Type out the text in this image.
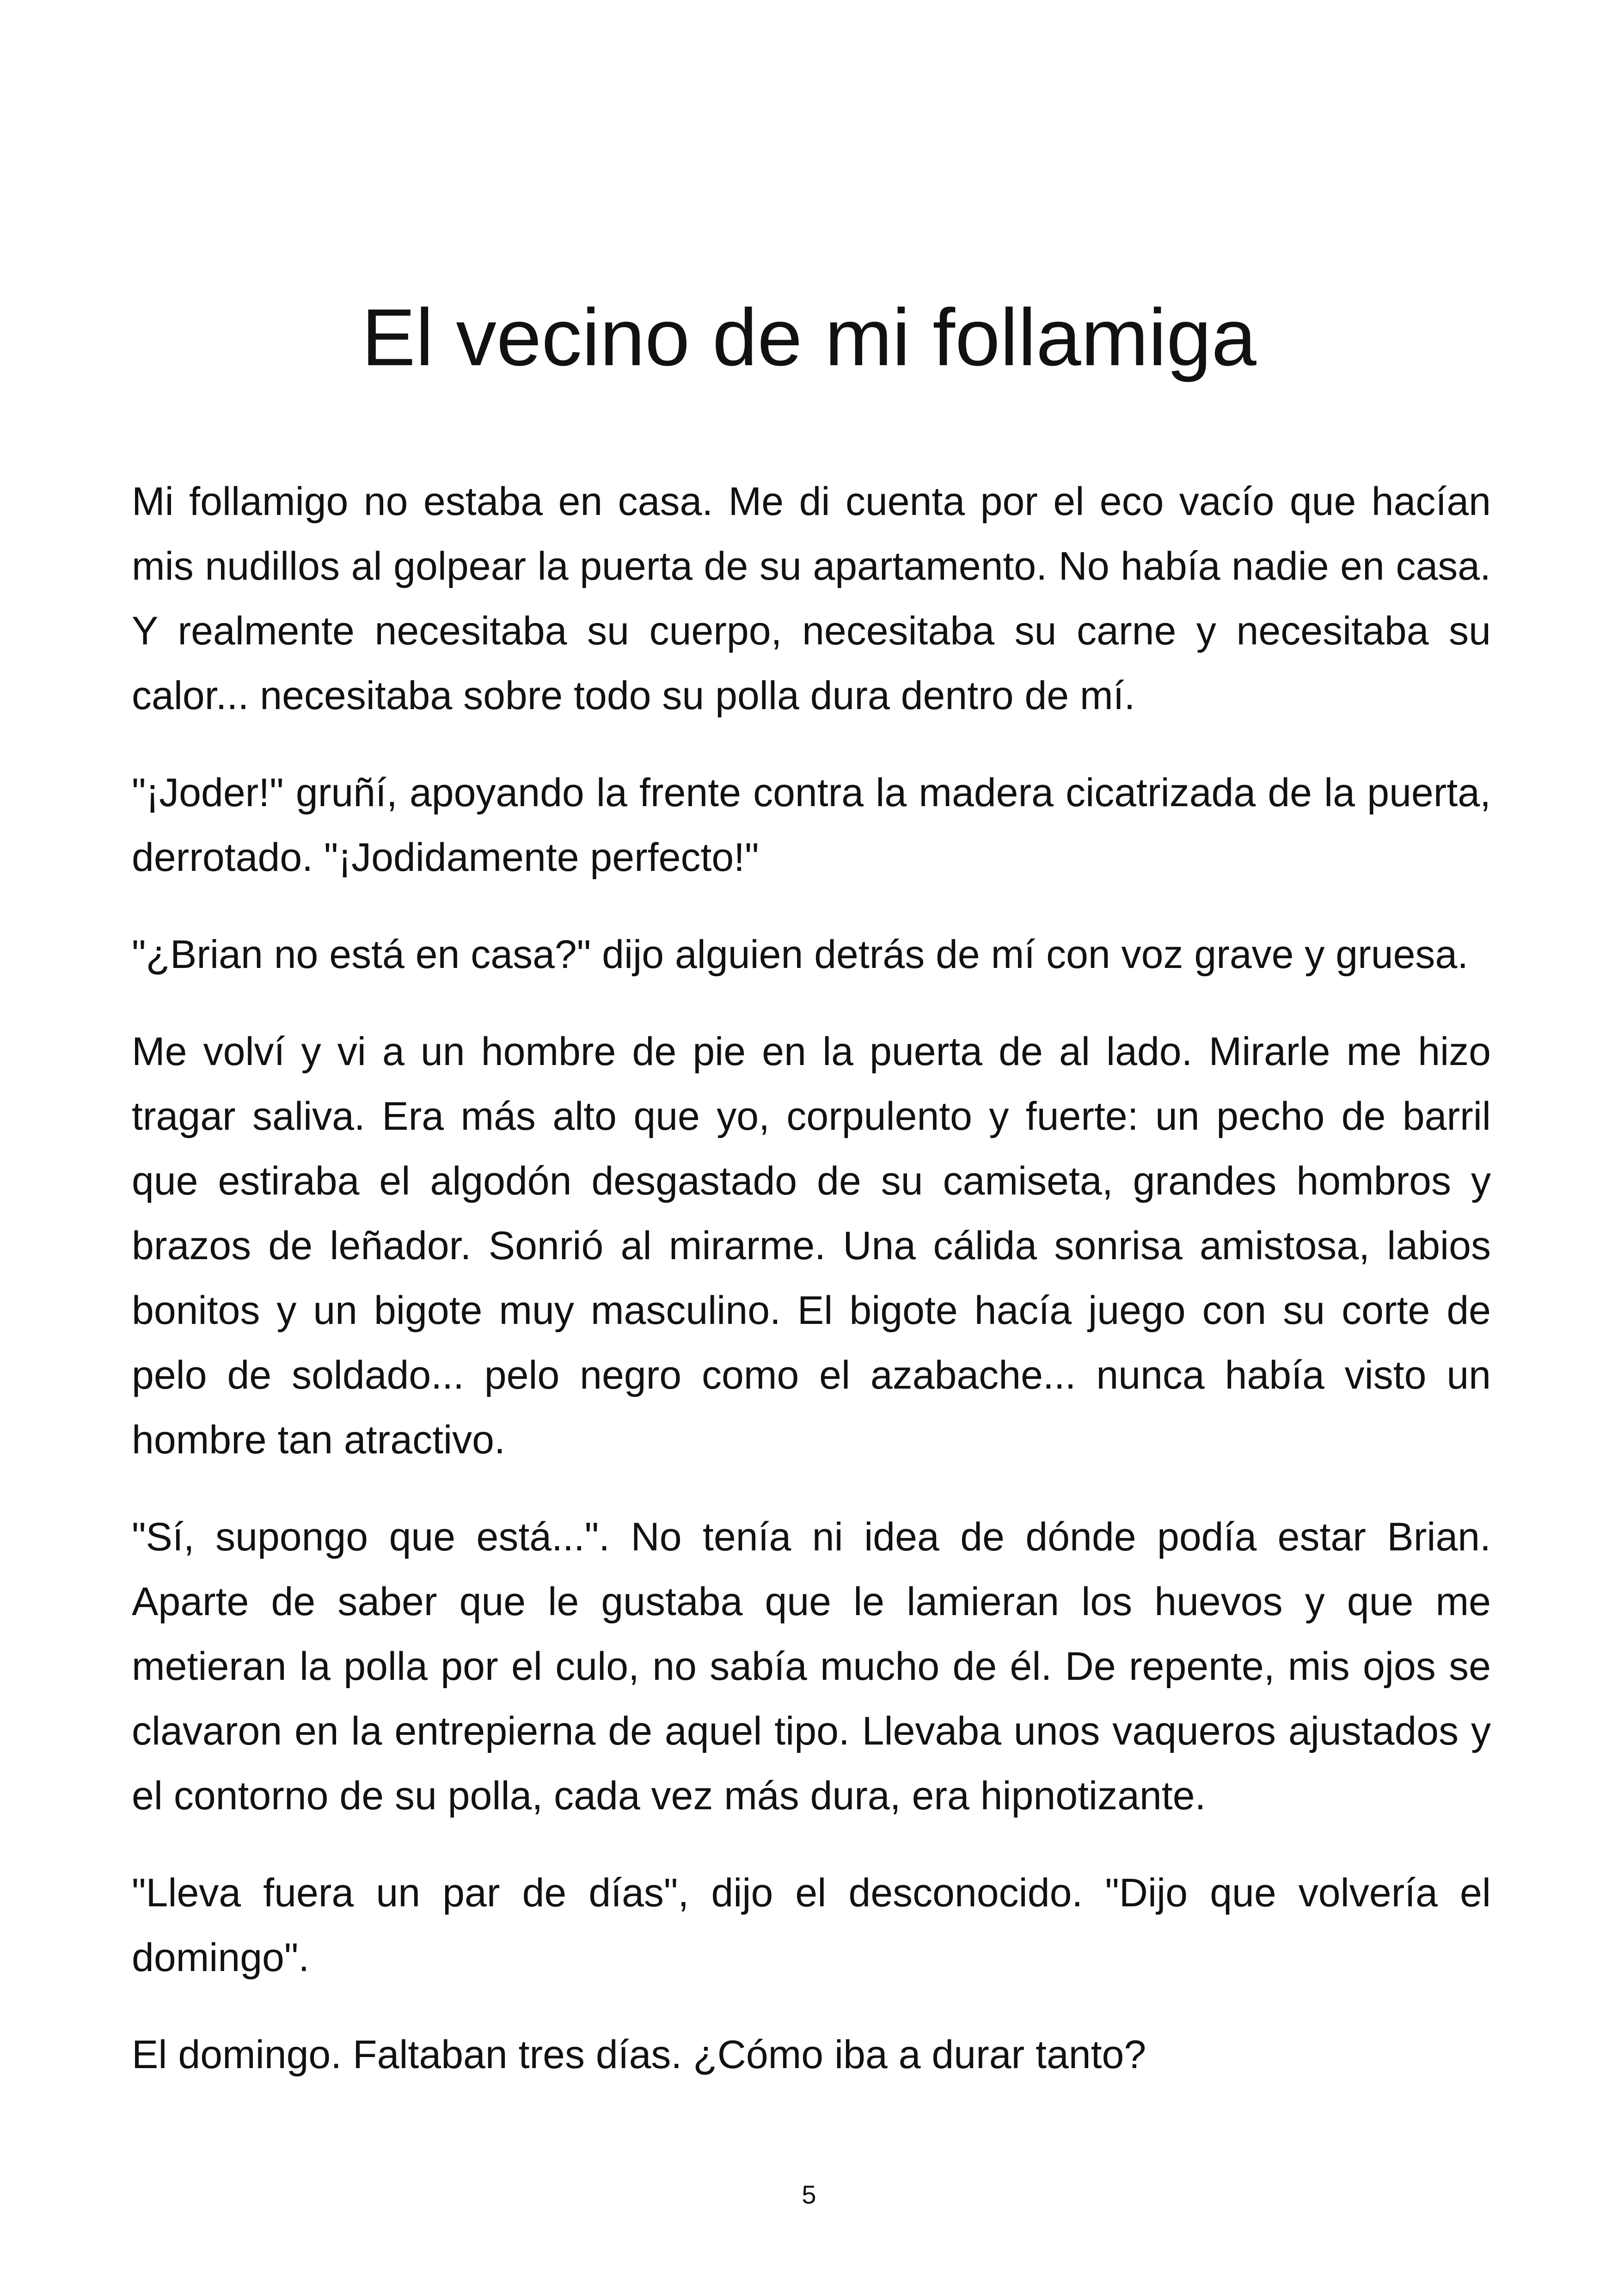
El vecino de mi follamiga

Mi follamigo no estaba en casa. Me di cuenta por el eco vacío que hacían mis nudillos al golpear la puerta de su apartamento. No había nadie en casa. Y realmente necesitaba su cuerpo, necesitaba su carne y necesitaba su calor... necesitaba sobre todo su polla dura dentro de mí.

"¡Joder!" gruñí, apoyando la frente contra la madera cicatrizada de la puerta, derrotado. "¡Jodidamente perfecto!"

"¿Brian no está en casa?" dijo alguien detrás de mí con voz grave y gruesa.

Me volví y vi a un hombre de pie en la puerta de al lado. Mirarle me hizo tragar saliva. Era más alto que yo, corpulento y fuerte: un pecho de barril que estiraba el algodón desgastado de su camiseta, grandes hombros y brazos de leñador. Sonrió al mirarme. Una cálida sonrisa amistosa, labios bonitos y un bigote muy masculino. El bigote hacía juego con su corte de pelo de soldado... pelo negro como el azabache... nunca había visto un hombre tan atractivo.

"Sí, supongo que está...". No tenía ni idea de dónde podía estar Brian. Aparte de saber que le gustaba que le lamieran los huevos y que me metieran la polla por el culo, no sabía mucho de él. De repente, mis ojos se clavaron en la entrepierna de aquel tipo. Llevaba unos vaqueros ajustados y el contorno de su polla, cada vez más dura, era hipnotizante.

"Lleva fuera un par de días", dijo el desconocido. "Dijo que volvería el domingo".

El domingo. Faltaban tres días. ¿Cómo iba a durar tanto?

5
